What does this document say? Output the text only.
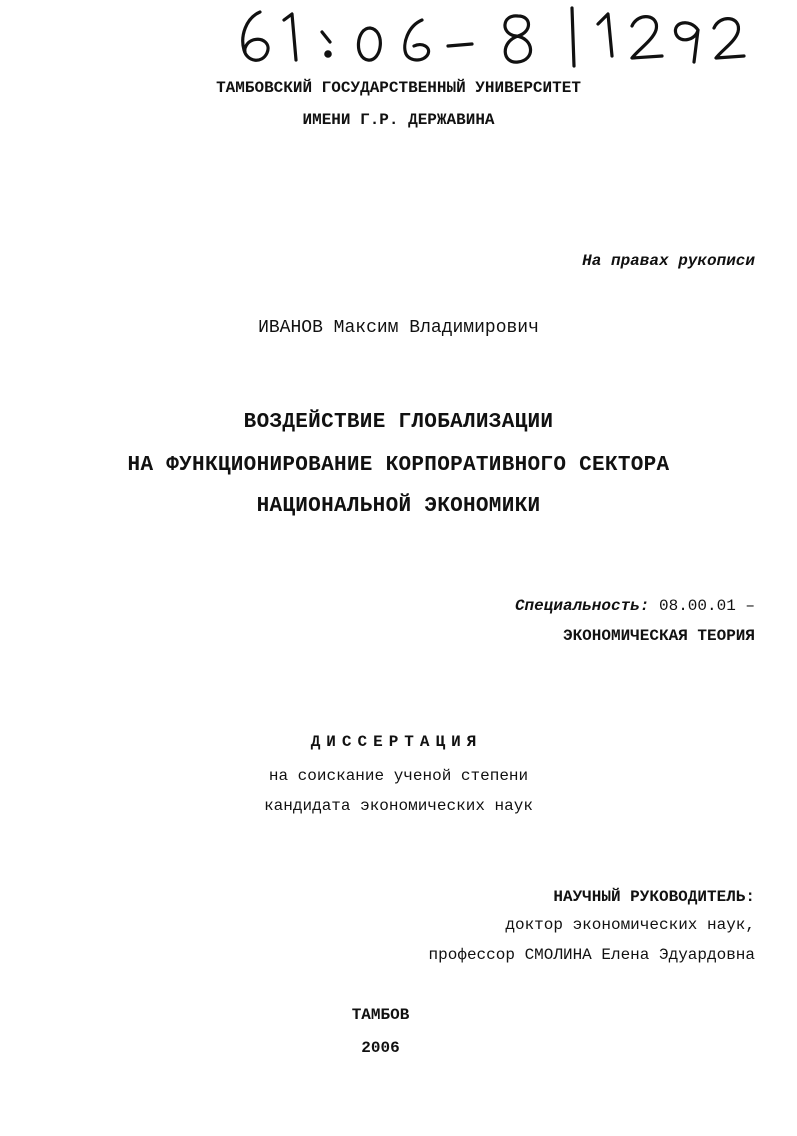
ТАМБОВСКИЙ ГОСУДАРСТВЕННЫЙ УНИВЕРСИТЕТ
ИМЕНИ Г.Р. ДЕРЖАВИНА
На правах рукописи
ИВАНОВ Максим Владимирович
ВОЗДЕЙСТВИЕ ГЛОБАЛИЗАЦИИ
НА ФУНКЦИОНИРОВАНИЕ КОРПОРАТИВНОГО СЕКТОРА
НАЦИОНАЛЬНОЙ ЭКОНОМИКИ
Специальность: 08.00.01 –
ЭКОНОМИЧЕСКАЯ ТЕОРИЯ
ДИССЕРТАЦИЯ
на соискание ученой степени
кандидата экономических наук
НАУЧНЫЙ РУКОВОДИТЕЛЬ:
доктор экономических наук,
профессор СМОЛИНА Елена Эдуардовна
ТАМБОВ
2006
